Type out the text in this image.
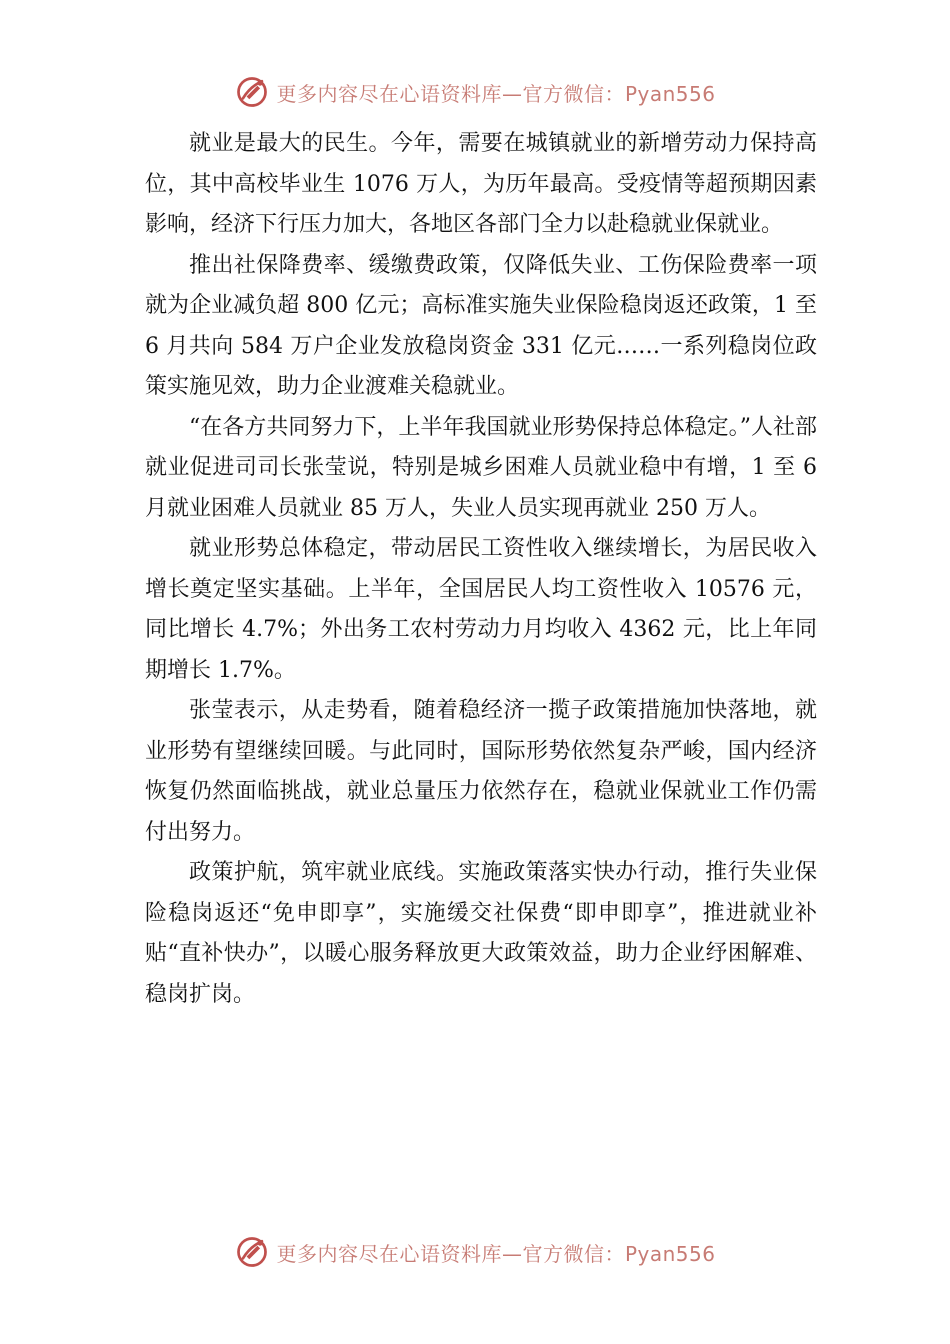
更多内容尽在心语资料库—官方微信：Pyan556

就业是最大的民生。今年，需要在城镇就业的新增劳动力保持高位，其中高校毕业生 1076 万人，为历年最高。受疫情等超预期因素影响，经济下行压力加大，各地区各部门全力以赴稳就业保就业。

推出社保降费率、缓缴费政策，仅降低失业、工伤保险费率一项就为企业减负超 800 亿元；高标准实施失业保险稳岗返还政策，1 至 6 月共向 584 万户企业发放稳岗资金 331 亿元……一系列稳岗位政策实施见效，助力企业渡难关稳就业。

“在各方共同努力下，上半年我国就业形势保持总体稳定。”人社部就业促进司司长张莹说，特别是城乡困难人员就业稳中有增，1 至 6 月就业困难人员就业 85 万人，失业人员实现再就业 250 万人。

就业形势总体稳定，带动居民工资性收入继续增长，为居民收入增长奠定坚实基础。上半年，全国居民人均工资性收入 10576 元，同比增长 4.7%；外出务工农村劳动力月均收入 4362 元，比上年同期增长 1.7%。

张莹表示，从走势看，随着稳经济一揽子政策措施加快落地，就业形势有望继续回暖。与此同时，国际形势依然复杂严峻，国内经济恢复仍然面临挑战，就业总量压力依然存在，稳就业保就业工作仍需付出努力。

政策护航，筑牢就业底线。实施政策落实快办行动，推行失业保险稳岗返还“免申即享”，实施缓交社保费“即申即享”，推进就业补贴“直补快办”，以暖心服务释放更大政策效益，助力企业纾困解难、稳岗扩岗。

更多内容尽在心语资料库—官方微信：Pyan556
